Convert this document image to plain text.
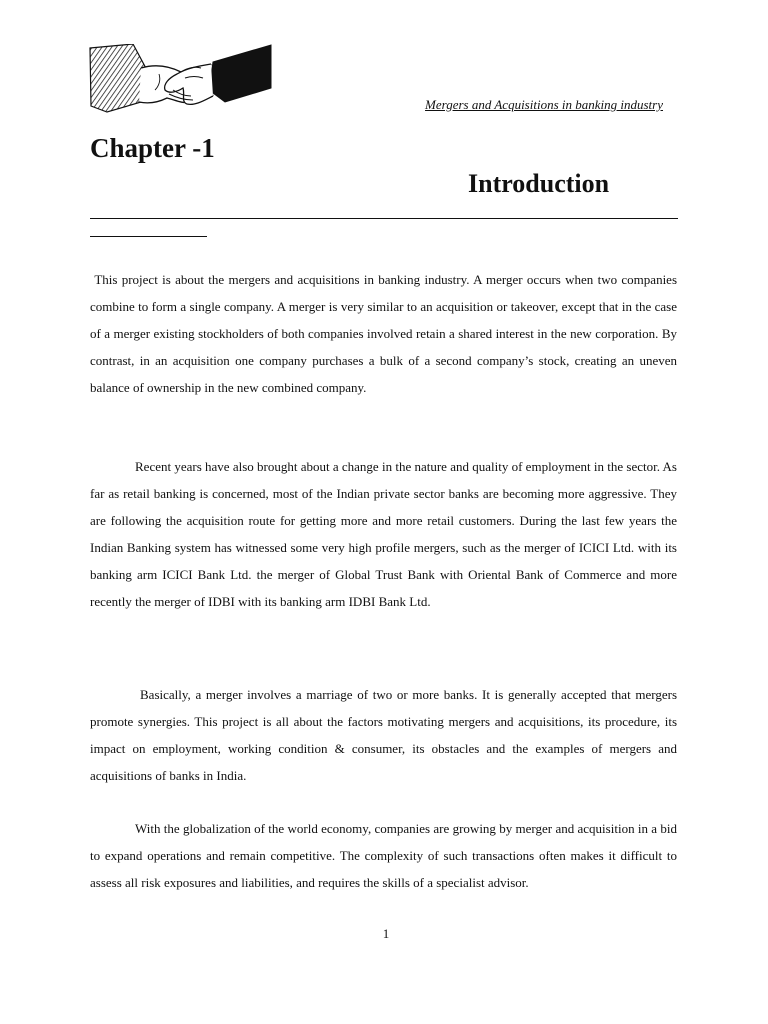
Mergers and Acquisitions in banking industry
Chapter -1
Introduction

This project is about the mergers and acquisitions in banking industry. A merger occurs when two companies combine to form a single company. A merger is very similar to an acquisition or takeover, except that in the case of a merger existing stockholders of both companies involved retain a shared interest in the new corporation. By contrast, in an acquisition one company purchases a bulk of a second company’s stock, creating an uneven balance of ownership in the new combined company.

Recent years have also brought about a change in the nature and quality of employment in the sector. As far as retail banking is concerned, most of the Indian private sector banks are becoming more aggressive. They are following the acquisition route for getting more and more retail customers. During the last few years the Indian Banking system has witnessed some very high profile mergers, such as the merger of ICICI Ltd. with its banking arm ICICI Bank Ltd. the merger of Global Trust Bank with Oriental Bank of Commerce and more recently the merger of IDBI with its banking arm IDBI Bank Ltd.

Basically, a merger involves a marriage of two or more banks. It is generally accepted that mergers promote synergies. This project is all about the factors motivating mergers and acquisitions, its procedure, its impact on employment, working condition & consumer, its obstacles and the examples of mergers and acquisitions of banks in India.

With the globalization of the world economy, companies are growing by merger and acquisition in a bid to expand operations and remain competitive. The complexity of such transactions often makes it difficult to assess all risk exposures and liabilities, and requires the skills of a specialist advisor.

1
